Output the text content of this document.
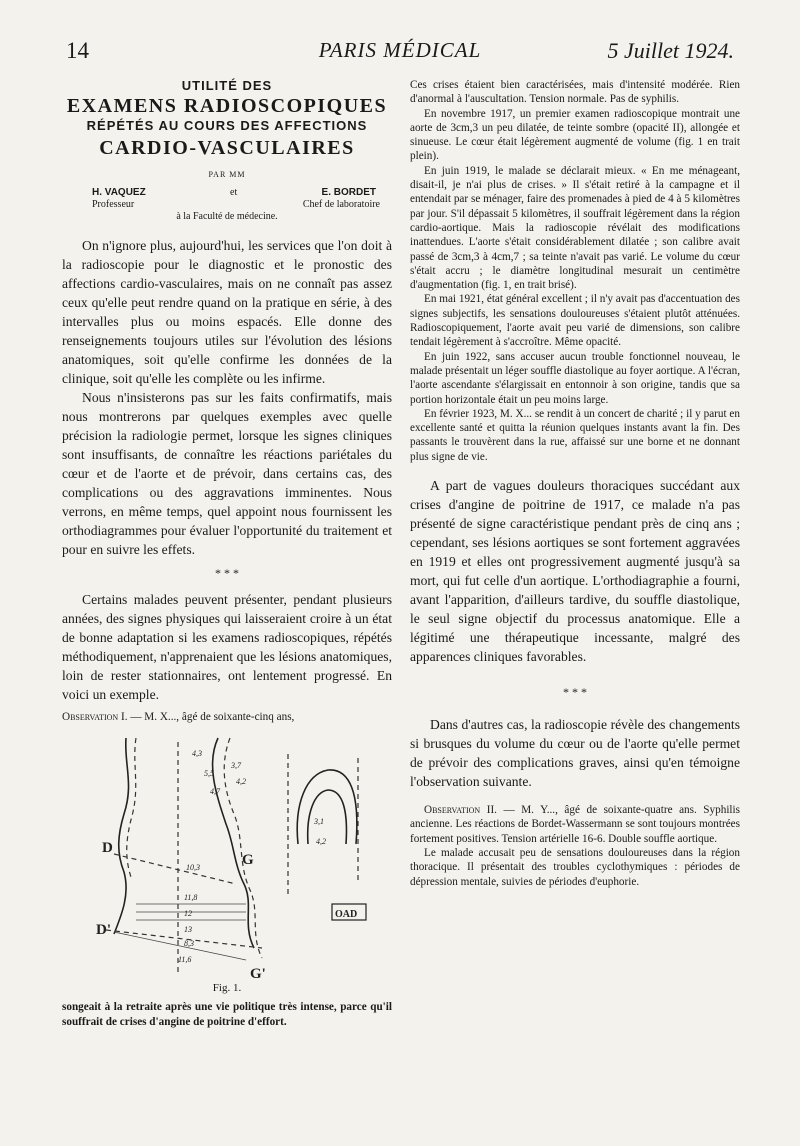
14	PARIS MÉDICAL	5 Juillet 1924.
UTILITÉ DES
EXAMENS RADIOSCOPIQUES
RÉPÉTÉS AU COURS DES AFFECTIONS
CARDIO-VASCULAIRES
PAR MM
H. VAQUEZ	et	E. BORDET
Professeur	Chef de laboratoire
à la Faculté de médecine.

On n'ignore plus, aujourd'hui, les services que l'on doit à la radioscopie pour le diagnostic et le pronostic des affections cardio-vasculaires, mais on ne connaît pas assez ceux qu'elle peut rendre quand on la pratique en série, à des intervalles plus ou moins espacés. Elle donne des renseignements toujours utiles sur l'évolution des lésions anatomiques, soit qu'elle confirme les données de la clinique, soit qu'elle les complète ou les infirme.

Nous n'insisterons pas sur les faits confirmatifs, mais nous montrerons par quelques exemples avec quelle précision la radiologie permet, lorsque les signes cliniques sont insuffisants, de connaître les réactions pariétales du cœur et de l'aorte et de prévoir, dans certains cas, des complications ou des aggravations imminentes. Nous verrons, en même temps, quel appoint nous fournissent les orthodiagrammes pour évaluer l'opportunité du traitement et pour en suivre les effets.

* * *

Certains malades peuvent présenter, pendant plusieurs années, des signes physiques qui laisseraient croire à un état de bonne adaptation si les examens radioscopiques, répétés méthodiquement, n'apprenaient que les lésions anatomiques, loin de rester stationnaires, ont lentement progressé. En voici un exemple.

Observation I. — M. X..., âgé de soixante-cinq ans,

D
D'
G
G'
OAD
4,3
5,5
4,7
3,7
4,2
10,3
11,8
12
13
8,3
11,6
3,1
4,2
Fig. 1.

songeait à la retraite après une vie politique très intense, parce qu'il souffrait de crises d'angine de poitrine d'effort.

Ces crises étaient bien caractérisées, mais d'intensité modérée. Rien d'anormal à l'auscultation. Tension normale. Pas de syphilis.

En novembre 1917, un premier examen radioscopique montrait une aorte de 3cm,3 un peu dilatée, de teinte sombre (opacité II), allongée et sinueuse. Le cœur était légèrement augmenté de volume (fig. 1 en trait plein).

En juin 1919, le malade se déclarait mieux. « En me ménageant, disait-il, je n'ai plus de crises. » Il s'était retiré à la campagne et il entendait par se ménager, faire des promenades à pied de 4 à 5 kilomètres par jour. S'il dépassait 5 kilomètres, il souffrait légèrement dans la région cardio-aortique. Mais la radioscopie révélait des modifications inattendues. L'aorte s'était considérablement dilatée ; son calibre avait passé de 3cm,3 à 4cm,7 ; sa teinte n'avait pas varié. Le volume du cœur s'était accru ; le diamètre longitudinal mesurait un centimètre d'augmentation (fig. 1, en trait brisé).

En mai 1921, état général excellent ; il n'y avait pas d'accentuation des signes subjectifs, les sensations douloureuses s'étaient plutôt atténuées. Radioscopiquement, l'aorte avait peu varié de dimensions, son calibre tendait légèrement à s'accroître. Même opacité.

En juin 1922, sans accuser aucun trouble fonctionnel nouveau, le malade présentait un léger souffle diastolique au foyer aortique. A l'écran, l'aorte ascendante s'élargissait en entonnoir à son origine, tandis que sa portion horizontale était un peu moins large.

En février 1923, M. X... se rendit à un concert de charité ; il y parut en excellente santé et quitta la réunion quelques instants avant la fin. Des passants le trouvèrent dans la rue, affaissé sur une borne et ne donnant plus signe de vie.

A part de vagues douleurs thoraciques succédant aux crises d'angine de poitrine de 1917, ce malade n'a pas présenté de signe caractéristique pendant près de cinq ans ; cependant, ses lésions aortiques se sont fortement aggravées en 1919 et elles ont progressivement augmenté jusqu'à sa mort, qui fut celle d'un aortique. L'orthodiagraphie a fourni, avant l'apparition, d'ailleurs tardive, du souffle diastolique, le seul signe objectif du processus anatomique. Elle a légitimé une thérapeutique incessante, malgré des apparences cliniques favorables.

* * *

Dans d'autres cas, la radioscopie révèle des changements si brusques du volume du cœur ou de l'aorte qu'elle permet de prévoir des complications graves, ainsi qu'en témoigne l'observation suivante.

Observation II. — M. Y..., âgé de soixante-quatre ans. Syphilis ancienne. Les réactions de Bordet-Wassermann se sont toujours montrées fortement positives. Tension artérielle 16-6. Double souffle aortique.

Le malade accusait peu de sensations douloureuses dans la région thoracique. Il présentait des troubles cyclothymiques : périodes de dépression mentale, suivies de périodes d'euphorie.
